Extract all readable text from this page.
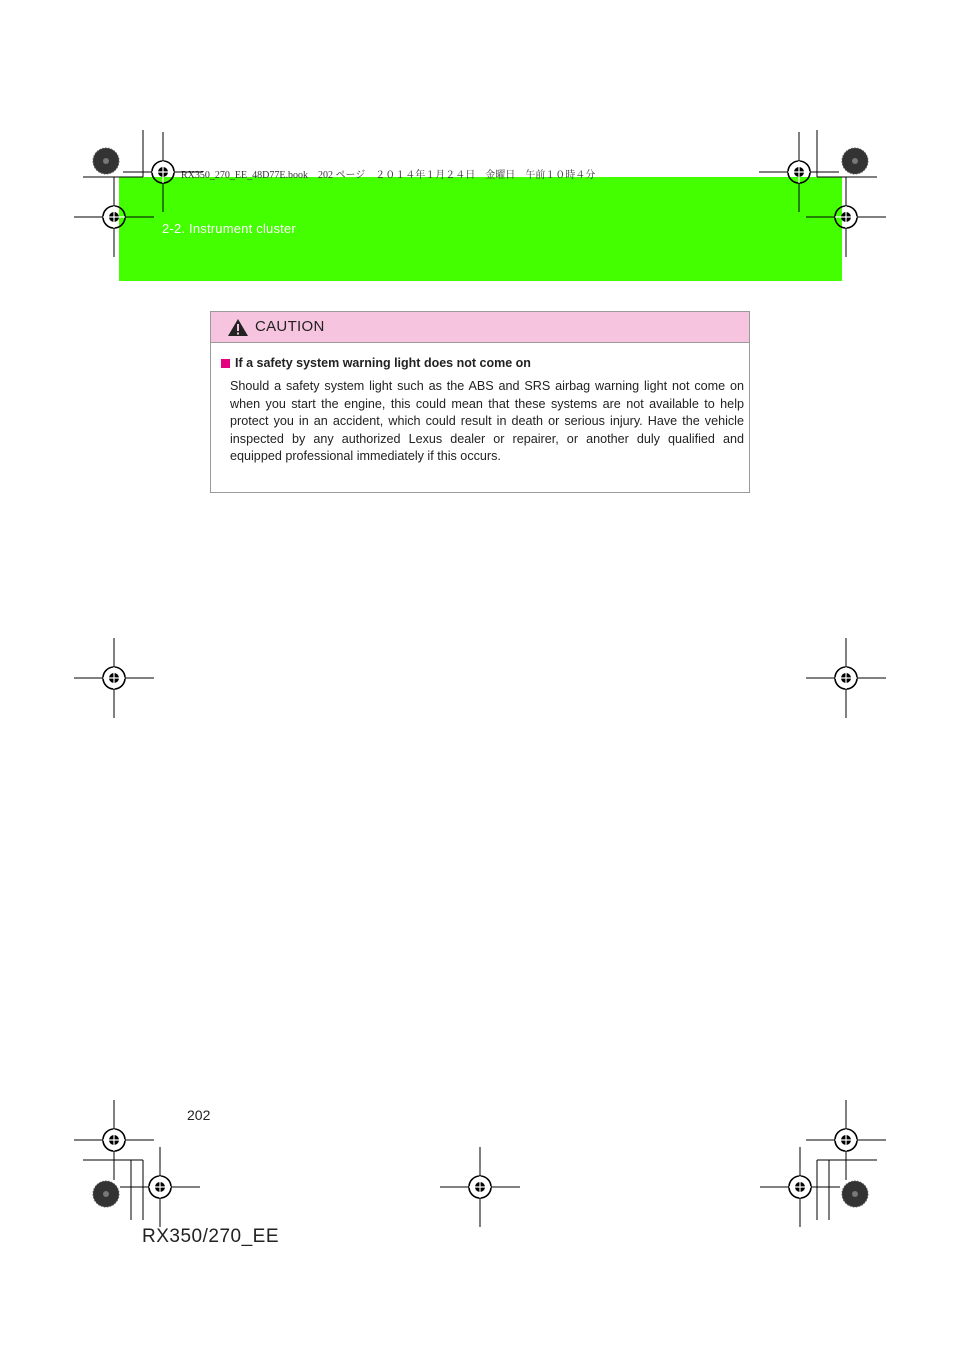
2-2. Instrument cluster
RX350_270_EE_48D77E.book　202 ページ　２０１４年１月２４日　金曜日　午前１０時４分
CAUTION
If a safety system warning light does not come on
Should a safety system light such as the ABS and SRS airbag warning light not come on when you start the engine, this could mean that these systems are not available to help protect you in an accident, which could result in death or serious injury. Have the vehicle inspected by any authorized Lexus dealer or repairer, or another duly qualified and equipped professional immediately if this occurs.
202
RX350/270_EE
